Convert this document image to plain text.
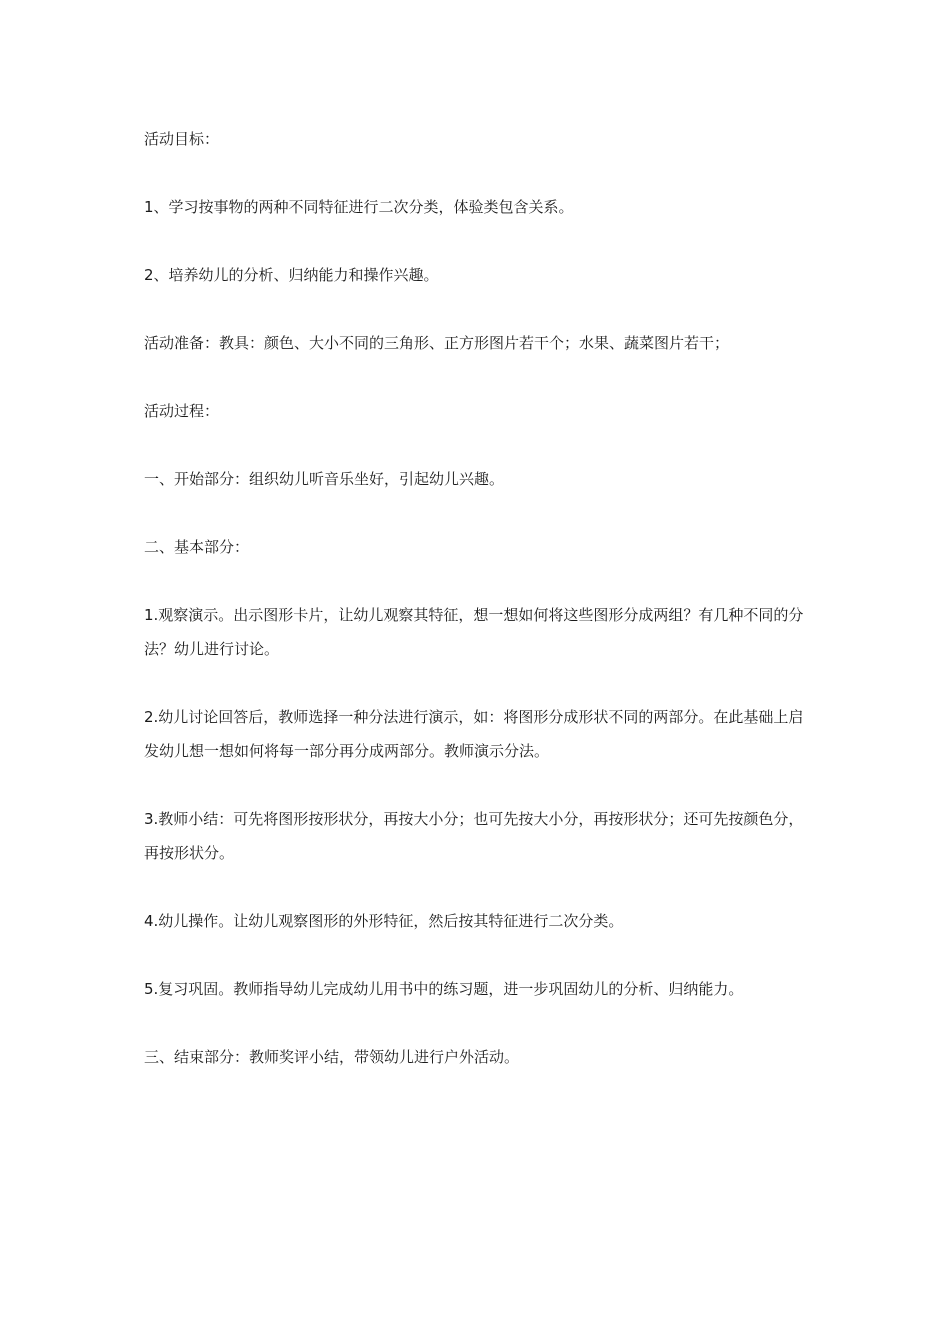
活动目标：

1、学习按事物的两种不同特征进行二次分类，体验类包含关系。

2、培养幼儿的分析、归纳能力和操作兴趣。

活动准备：教具：颜色、大小不同的三角形、正方形图片若干个；水果、蔬菜图片若干；

活动过程：

一、开始部分：组织幼儿听音乐坐好，引起幼儿兴趣。

二、基本部分：

1.观察演示。出示图形卡片，让幼儿观察其特征，想一想如何将这些图形分成两组？有几种不同的分法？幼儿进行讨论。

2.幼儿讨论回答后，教师选择一种分法进行演示，如：将图形分成形状不同的两部分。在此基础上启发幼儿想一想如何将每一部分再分成两部分。教师演示分法。

3.教师小结：可先将图形按形状分，再按大小分；也可先按大小分，再按形状分；还可先按颜色分，再按形状分。

4.幼儿操作。让幼儿观察图形的外形特征，然后按其特征进行二次分类。

5.复习巩固。教师指导幼儿完成幼儿用书中的练习题，进一步巩固幼儿的分析、归纳能力。

三、结束部分：教师奖评小结，带领幼儿进行户外活动。
